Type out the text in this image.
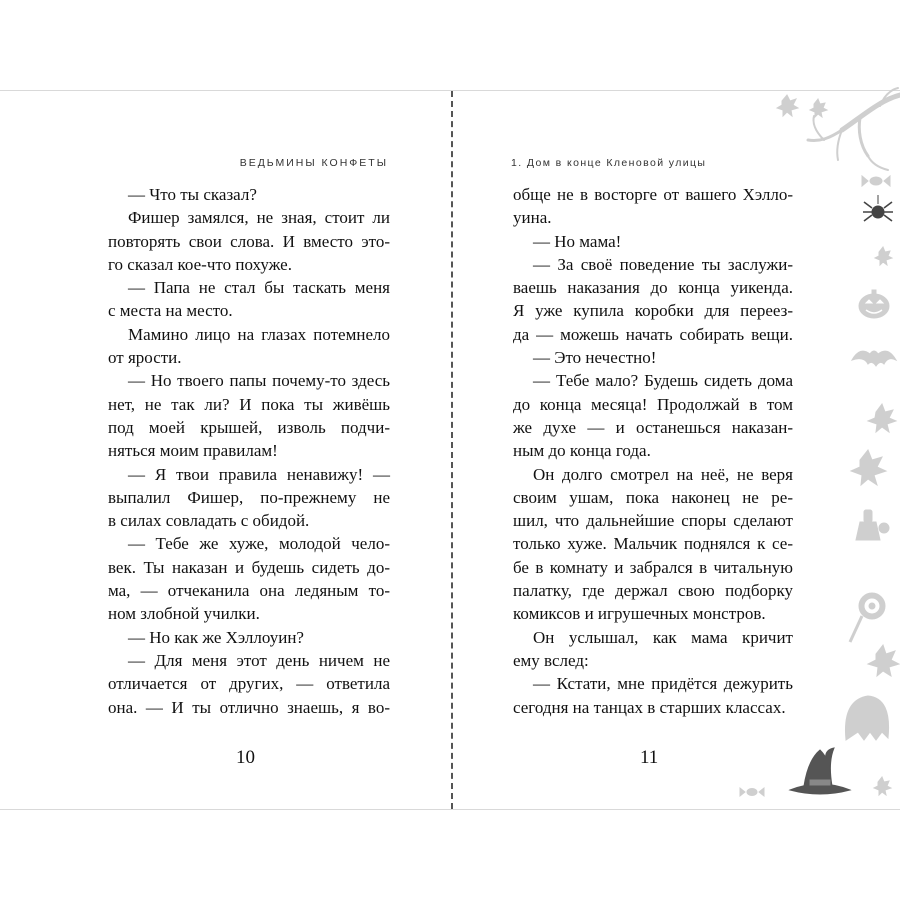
ВЕДЬМИНЫ КОНФЕТЫ
— Что ты сказал?
Фишер замялся, не зная, стоит ли
повторять свои слова. И вместо это-
го сказал кое-что похуже.
— Папа не стал бы таскать меня
с места на место.
Мамино лицо на глазах потемнело
от ярости.
— Но твоего папы почему-то здесь
нет, не так ли? И пока ты живёшь
под моей крышей, изволь подчи-
няться моим правилам!
— Я твои правила ненавижу! —
выпалил Фишер, по-прежнему не
в силах совладать с обидой.
— Тебе же хуже, молодой чело-
век. Ты наказан и будешь сидеть до-
ма, — отчеканила она ледяным то-
ном злобной училки.
— Но как же Хэллоуин?
— Для меня этот день ничем не
отличается от других, — ответила
она. — И ты отлично знаешь, я во-
10
1. Дом в конце Кленовой улицы
обще не в восторге от вашего Хэлло-
уина.
— Но мама!
— За своё поведение ты заслужи-
ваешь наказания до конца уикенда.
Я уже купила коробки для переез-
да — можешь начать собирать вещи.
— Это нечестно!
— Тебе мало? Будешь сидеть дома
до конца месяца! Продолжай в том
же духе — и останешься наказан-
ным до конца года.
Он долго смотрел на неё, не веря
своим ушам, пока наконец не ре-
шил, что дальнейшие споры сделают
только хуже. Мальчик поднялся к се-
бе в комнату и забрался в читальную
палатку, где держал свою подборку
комиксов и игрушечных монстров.
Он услышал, как мама кричит
ему вслед:
— Кстати, мне придётся дежурить
сегодня на танцах в старших классах.
11
